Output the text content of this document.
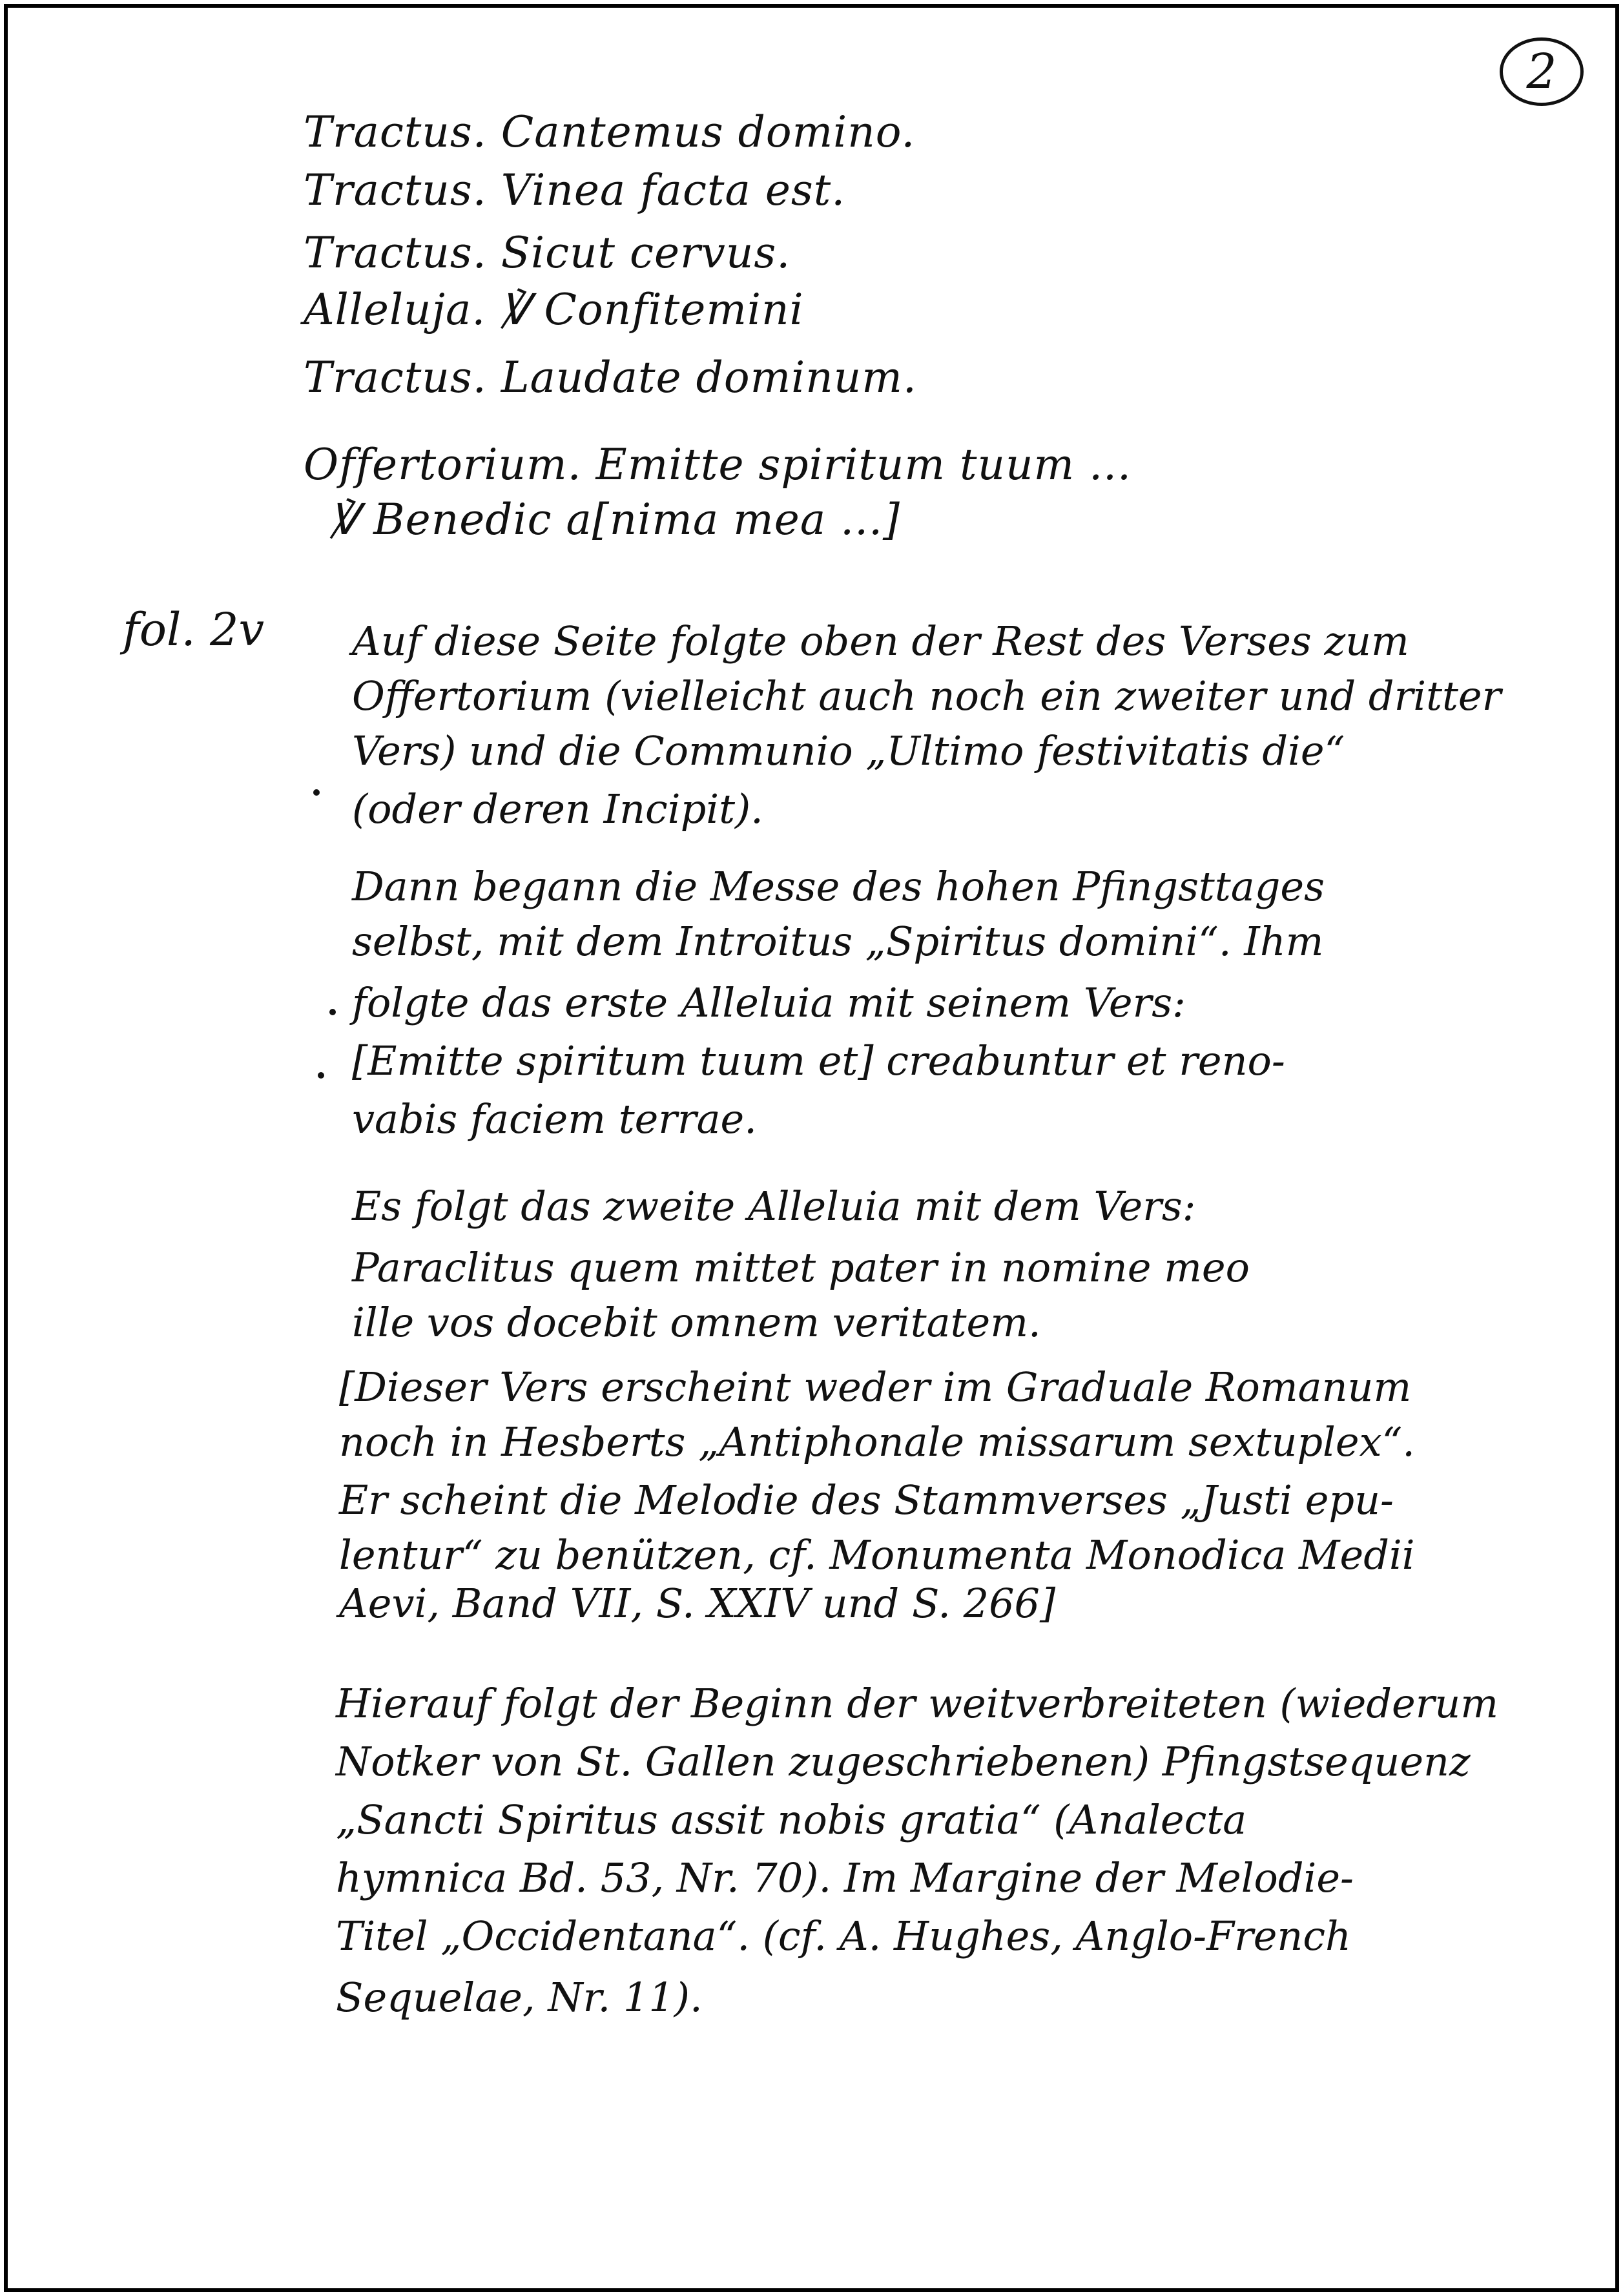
2
Tractus. Cantemus domino.
Tractus. Vinea facta est.
Tractus. Sicut cervus.
Alleluja. ℣ Confitemini
Tractus. Laudate dominum.
Offertorium. Emitte spiritum tuum ...
℣ Benedic a[nima mea ...]
fol. 2v Auf diese Seite folgte oben der Rest des Verses zum
Offertorium (vielleicht auch noch ein zweiter und dritter
Vers) und die Communio „Ultimo festivitatis die“
(oder deren Incipit).
Dann begann die Messe des hohen Pfingsttages
selbst, mit dem Introitus „Spiritus domini“. Ihm
folgte das erste Alleluia mit seinem Vers:
[Emitte spiritum tuum et] creabuntur et reno-
vabis faciem terrae.
Es folgt das zweite Alleluia mit dem Vers:
Paraclitus quem mittet pater in nomine meo
ille vos docebit omnem veritatem.
[Dieser Vers erscheint weder im Graduale Romanum
noch in Hesberts „Antiphonale missarum sextuplex“.
Er scheint die Melodie des Stammverses „Justi epu-
lentur“ zu benützen, cf. Monumenta Monodica Medii
Aevi, Band VII, S. XXIV und S. 266]
Hierauf folgt der Beginn der weitverbreiteten (wiederum
Notker von St. Gallen zugeschriebenen) Pfingstsequenz
„Sancti Spiritus assit nobis gratia“ (Analecta
hymnica Bd. 53, Nr. 70). Im Margine der Melodie-
Titel „Occidentana“. (cf. A. Hughes, Anglo-French
Sequelae, Nr. 11).
